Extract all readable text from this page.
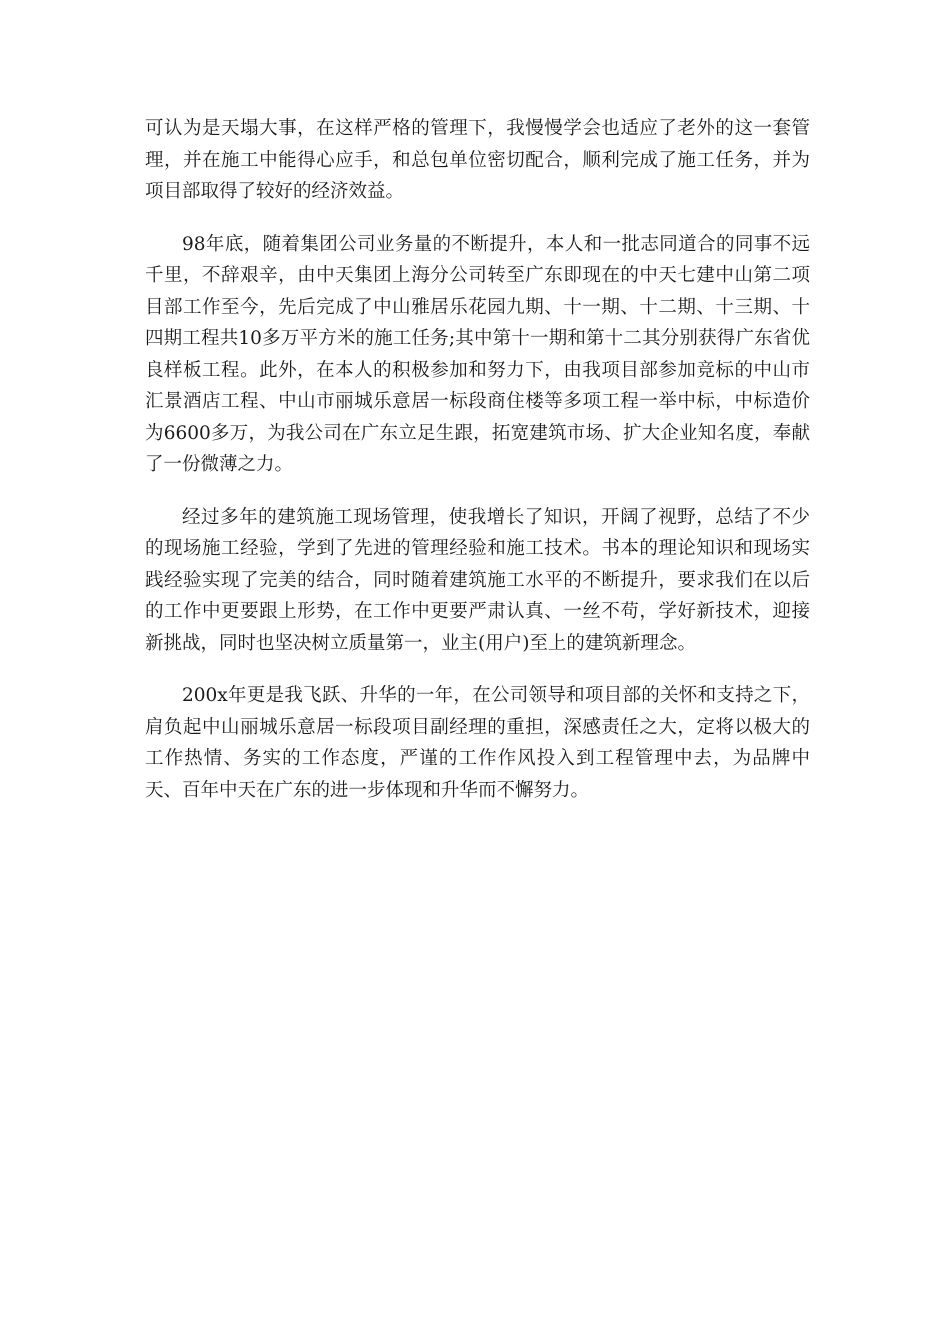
可认为是天塌大事，在这样严格的管理下，我慢慢学会也适应了老外的这一套管理，并在施工中能得心应手，和总包单位密切配合，顺利完成了施工任务，并为项目部取得了较好的经济效益。

98年底，随着集团公司业务量的不断提升，本人和一批志同道合的同事不远千里，不辞艰辛，由中天集团上海分公司转至广东即现在的中天七建中山第二项目部工作至今，先后完成了中山雅居乐花园九期、十一期、十二期、十三期、十四期工程共10多万平方米的施工任务;其中第十一期和第十二其分别获得广东省优良样板工程。此外，在本人的积极参加和努力下，由我项目部参加竞标的中山市汇景酒店工程、中山市丽城乐意居一标段商住楼等多项工程一举中标，中标造价为6600多万，为我公司在广东立足生跟，拓宽建筑市场、扩大企业知名度，奉献了一份微薄之力。

经过多年的建筑施工现场管理，使我增长了知识，开阔了视野，总结了不少的现场施工经验，学到了先进的管理经验和施工技术。书本的理论知识和现场实践经验实现了完美的结合，同时随着建筑施工水平的不断提升，要求我们在以后的工作中更要跟上形势，在工作中更要严肃认真、一丝不苟，学好新技术，迎接新挑战，同时也坚决树立质量第一，业主(用户)至上的建筑新理念。

200x年更是我飞跃、升华的一年，在公司领导和项目部的关怀和支持之下，肩负起中山丽城乐意居一标段项目副经理的重担，深感责任之大，定将以极大的工作热情、务实的工作态度，严谨的工作作风投入到工程管理中去，为品牌中天、百年中天在广东的进一步体现和升华而不懈努力。
